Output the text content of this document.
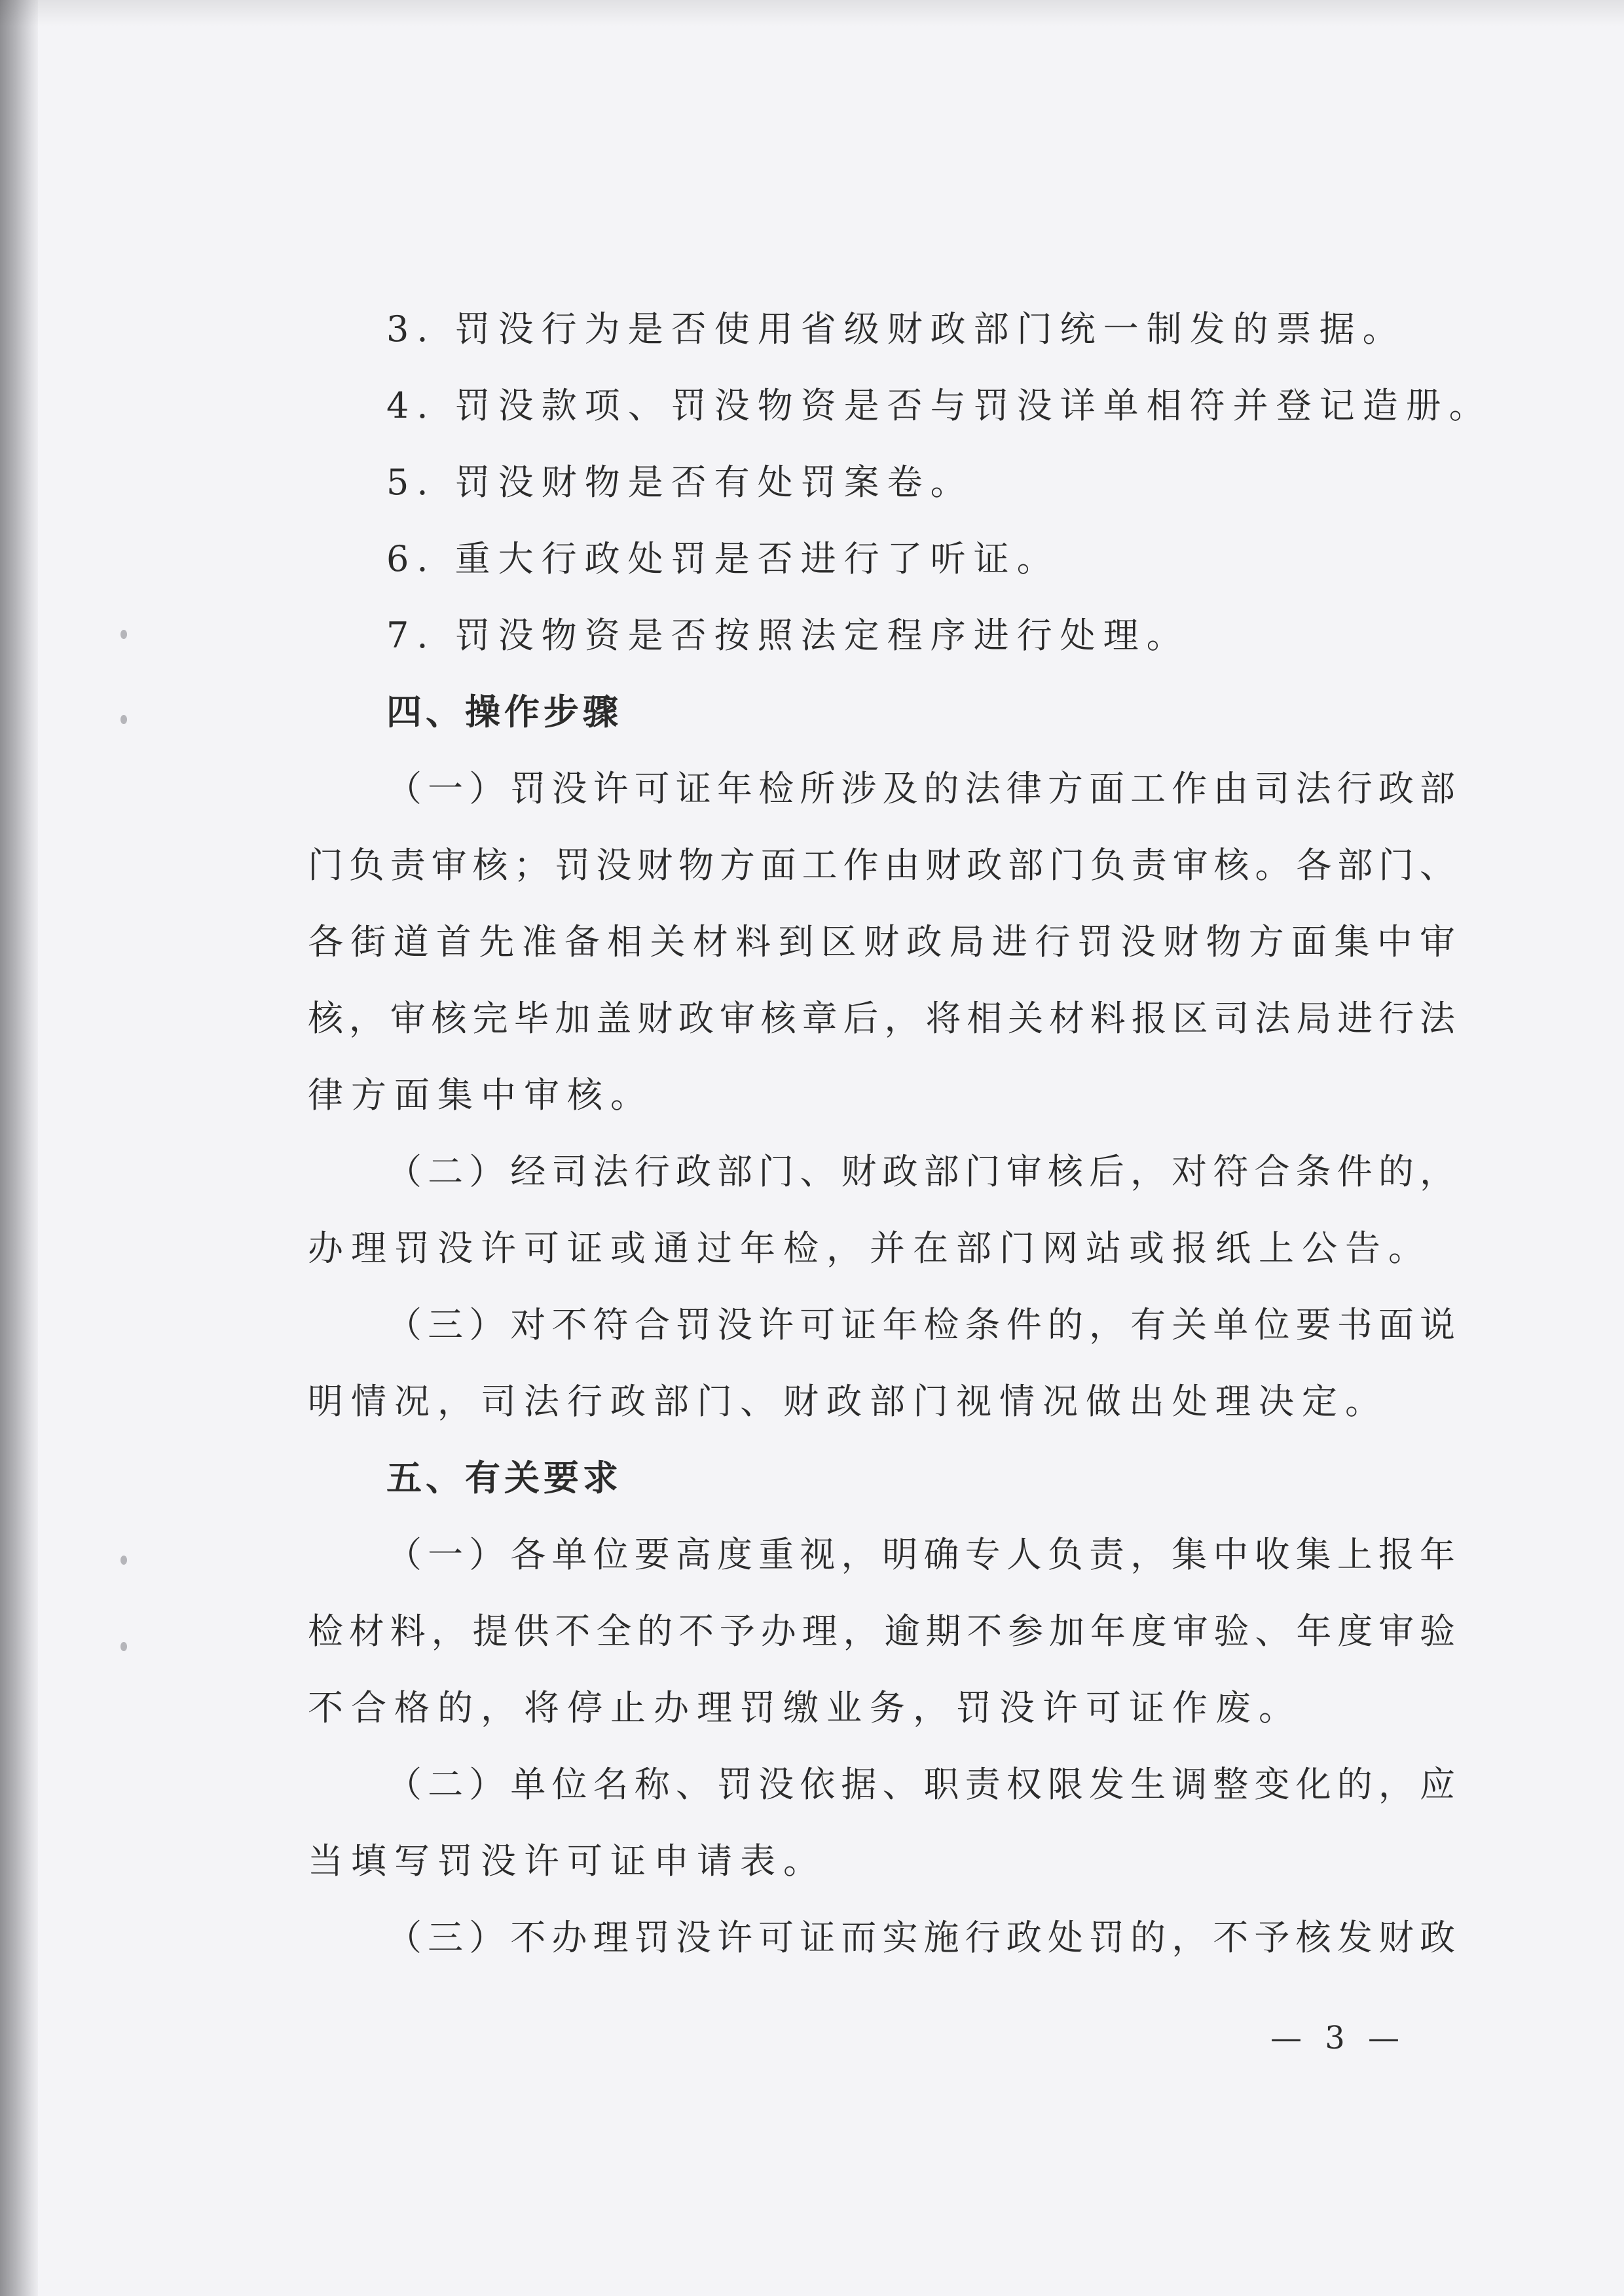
3. 罚没行为是否使用省级财政部门统一制发的票据。
4. 罚没款项、罚没物资是否与罚没详单相符并登记造册。
5. 罚没财物是否有处罚案卷。
6. 重大行政处罚是否进行了听证。
7. 罚没物资是否按照法定程序进行处理。
四、操作步骤
（一）罚没许可证年检所涉及的法律方面工作由司法行政部
门负责审核；罚没财物方面工作由财政部门负责审核。各部门、
各街道首先准备相关材料到区财政局进行罚没财物方面集中审
核，审核完毕加盖财政审核章后，将相关材料报区司法局进行法
律方面集中审核。
（二）经司法行政部门、财政部门审核后，对符合条件的，
办理罚没许可证或通过年检，并在部门网站或报纸上公告。
（三）对不符合罚没许可证年检条件的，有关单位要书面说
明情况，司法行政部门、财政部门视情况做出处理决定。
五、有关要求
（一）各单位要高度重视，明确专人负责，集中收集上报年
检材料，提供不全的不予办理，逾期不参加年度审验、年度审验
不合格的，将停止办理罚缴业务，罚没许可证作废。
（二）单位名称、罚没依据、职责权限发生调整变化的，应
当填写罚没许可证申请表。
（三）不办理罚没许可证而实施行政处罚的，不予核发财政
— 3 —
